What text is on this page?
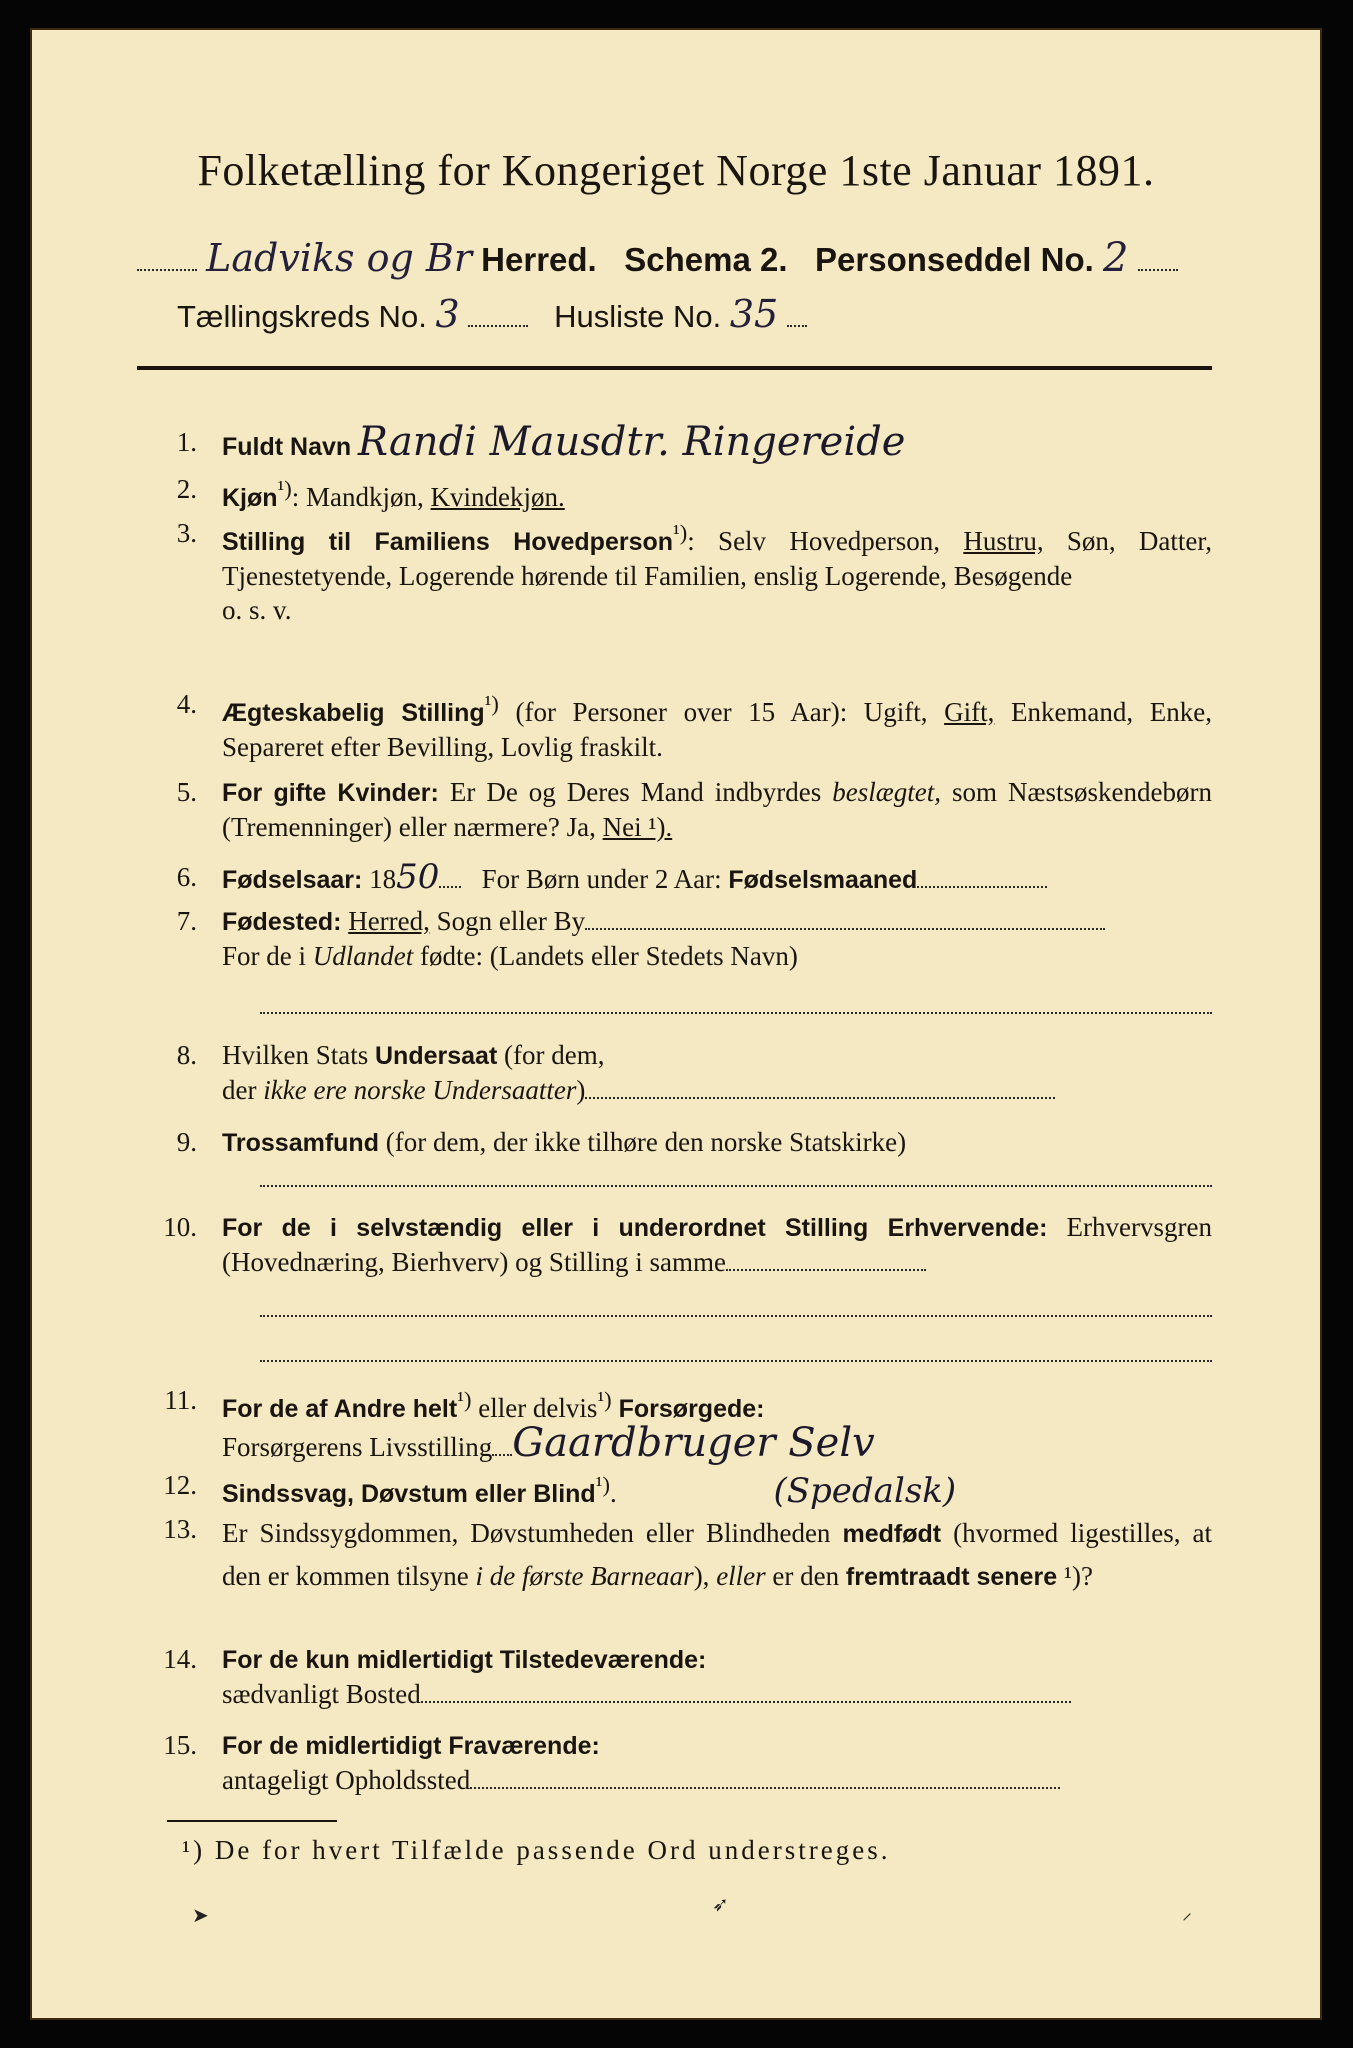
Folketælling for Kongeriget Norge 1ste Januar 1891.
Ladviks og Br Herred. Schema 2. Personseddel No. 2
Tællingskreds No. 3	Husliste No. 35
1. Fuldt Navn Randi Mausdtr. Ringereide
2. Kjøn$^{^1)}$: Mandkjøn, Kvindekjøn.
3. Stilling til Familiens Hovedperson$^{^1)}$: Selv Hovedperson, Hustru, Søn, Datter, Tjenestetyende, Logerende hørende til Familien, enslig Logerende, Besøgende
o. s. v.
4. Ægteskabelig Stilling$^{^1)}$ (for Personer over 15 Aar): Ugift, Gift, Enkemand, Enke, Separeret efter Bevilling, Lovlig fraskilt.
5. For gifte Kvinder: Er De og Deres Mand indbyrdes beslægtet, som Næstsøskendebørn (Tremenninger) eller nærmere? Ja, Nei ¹).
6. Fødselsaar: 1850 For Børn under 2 Aar: Fødselsmaaned
7. Fødested: Herred, Sogn eller By
For de i Udlandet fødte: (Landets eller Stedets Navn)
8. Hvilken Stats Undersaat (for dem,
der ikke ere norske Undersaatter)
9. Trossamfund (for dem, der ikke tilhøre den norske Statskirke)
10. For de i selvstændig eller i underordnet Stilling Erhvervende: Erhvervsgren (Hovednæring, Bierhverv) og Stilling i samme
11. For de af Andre helt$^{^1)}$ eller delvis$^{^1)}$ Forsørgede:
Forsørgerens Livsstilling Gaardbruger Selv
12. Sindssvag, Døvstum eller Blind$^{^1)}$.	(Spedalsk)
13. Er Sindssygdommen, Døvstumheden eller Blindheden medfødt (hvormed ligestilles, at den er kommen tilsyne i de første Barneaar), eller er den fremtraadt senere ¹)?
14. For de kun midlertidigt Tilstedeværende:
sædvanligt Bosted
15. For de midlertidigt Fraværende:
antageligt Opholdssted
¹) De for hvert Tilfælde passende Ord understreges.
➤	➶	⸝
